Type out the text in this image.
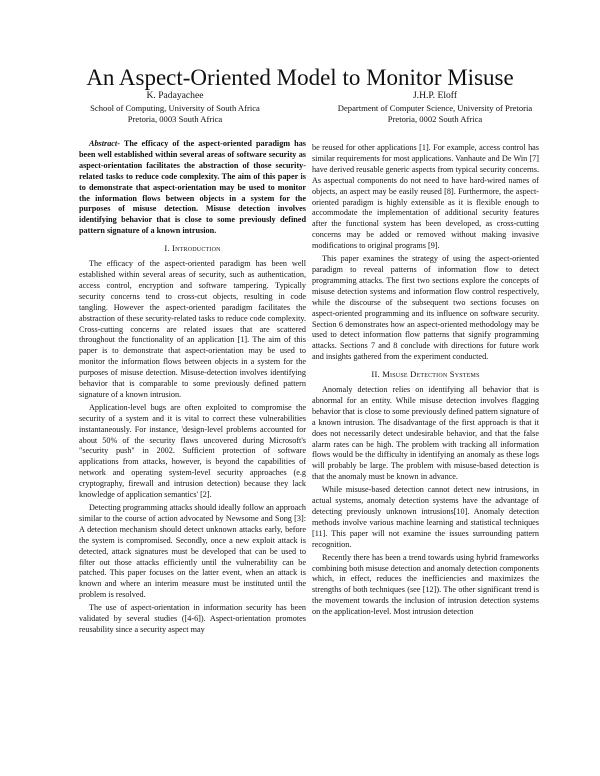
An Aspect-Oriented Model to Monitor Misuse
K. Padayachee
School of Computing, University of South Africa
Pretoria, 0003 South Africa
J.H.P. Eloff
Department of Computer Science, University of Pretoria
Pretoria, 0002 South Africa

Abstract- The efficacy of the aspect-oriented paradigm has been well established within several areas of software security as aspect-orientation facilitates the abstraction of those security-related tasks to reduce code complexity. The aim of this paper is to demonstrate that aspect-orientation may be used to monitor the information flows between objects in a system for the purposes of misuse detection. Misuse detection involves identifying behavior that is close to some previously defined pattern signature of a known intrusion.

I. Introduction

The efficacy of the aspect-oriented paradigm has been well established within several areas of security, such as authentication, access control, encryption and software tampering. Typically security concerns tend to cross-cut objects, resulting in code tangling. However the aspect-oriented paradigm facilitates the abstraction of these security-related tasks to reduce code complexity. Cross-cutting concerns are related issues that are scattered throughout the functionality of an application [1]. The aim of this paper is to demonstrate that aspect-orientation may be used to monitor the information flows between objects in a system for the purposes of misuse detection. Misuse-detection involves identifying behavior that is comparable to some previously defined pattern signature of a known intrusion.

Application-level bugs are often exploited to compromise the security of a system and it is vital to correct these vulnerabilities instantaneously. For instance, 'design-level problems accounted for about 50% of the security flaws uncovered during Microsoft's "security push" in 2002. Sufficient protection of software applications from attacks, however, is beyond the capabilities of network and operating system-level security approaches (e.g cryptography, firewall and intrusion detection) because they lack knowledge of application semantics' [2].

Detecting programming attacks should ideally follow an approach similar to the course of action advocated by Newsome and Song [3]: A detection mechanism should detect unknown attacks early, before the system is compromised. Secondly, once a new exploit attack is detected, attack signatures must be developed that can be used to filter out those attacks efficiently until the vulnerability can be patched. This paper focuses on the latter event, when an attack is known and where an interim measure must be instituted until the problem is resolved.

The use of aspect-orientation in information security has been validated by several studies ([4-6]). Aspect-orientation promotes reusability since a security aspect may

be reused for other applications [1]. For example, access control has similar requirements for most applications. Vanhaute and De Win [7] have derived reusable generic aspects from typical security concerns. As aspectual components do not need to have hard-wired names of objects, an aspect may be easily reused [8]. Furthermore, the aspect-oriented paradigm is highly extensible as it is flexible enough to accommodate the implementation of additional security features after the functional system has been developed, as cross-cutting concerns may be added or removed without making invasive modifications to original programs [9].

This paper examines the strategy of using the aspect-oriented paradigm to reveal patterns of information flow to detect programming attacks. The first two sections explore the concepts of misuse detection systems and information flow control respectively, while the discourse of the subsequent two sections focuses on aspect-oriented programming and its influence on software security. Section 6 demonstrates how an aspect-oriented methodology may be used to detect information flow patterns that signify programming attacks. Sections 7 and 8 conclude with directions for future work and insights gathered from the experiment conducted.

II. Misuse Detection Systems

Anomaly detection relies on identifying all behavior that is abnormal for an entity. While misuse detection involves flagging behavior that is close to some previously defined pattern signature of a known intrusion. The disadvantage of the first approach is that it does not necessarily detect undesirable behavior, and that the false alarm rates can be high. The problem with tracking all information flows would be the difficulty in identifying an anomaly as these logs will probably be large. The problem with misuse-based detection is that the anomaly must be known in advance.

While misuse-based detection cannot detect new intrusions, in actual systems, anomaly detection systems have the advantage of detecting previously unknown intrusions[10]. Anomaly detection methods involve various machine learning and statistical techniques [11]. This paper will not examine the issues surrounding pattern recognition.

Recently there has been a trend towards using hybrid frameworks combining both misuse detection and anomaly detection components which, in effect, reduces the inefficiencies and maximizes the strengths of both techniques (see [12]). The other significant trend is the movement towards the inclusion of intrusion detection systems on the application-level. Most intrusion detection
